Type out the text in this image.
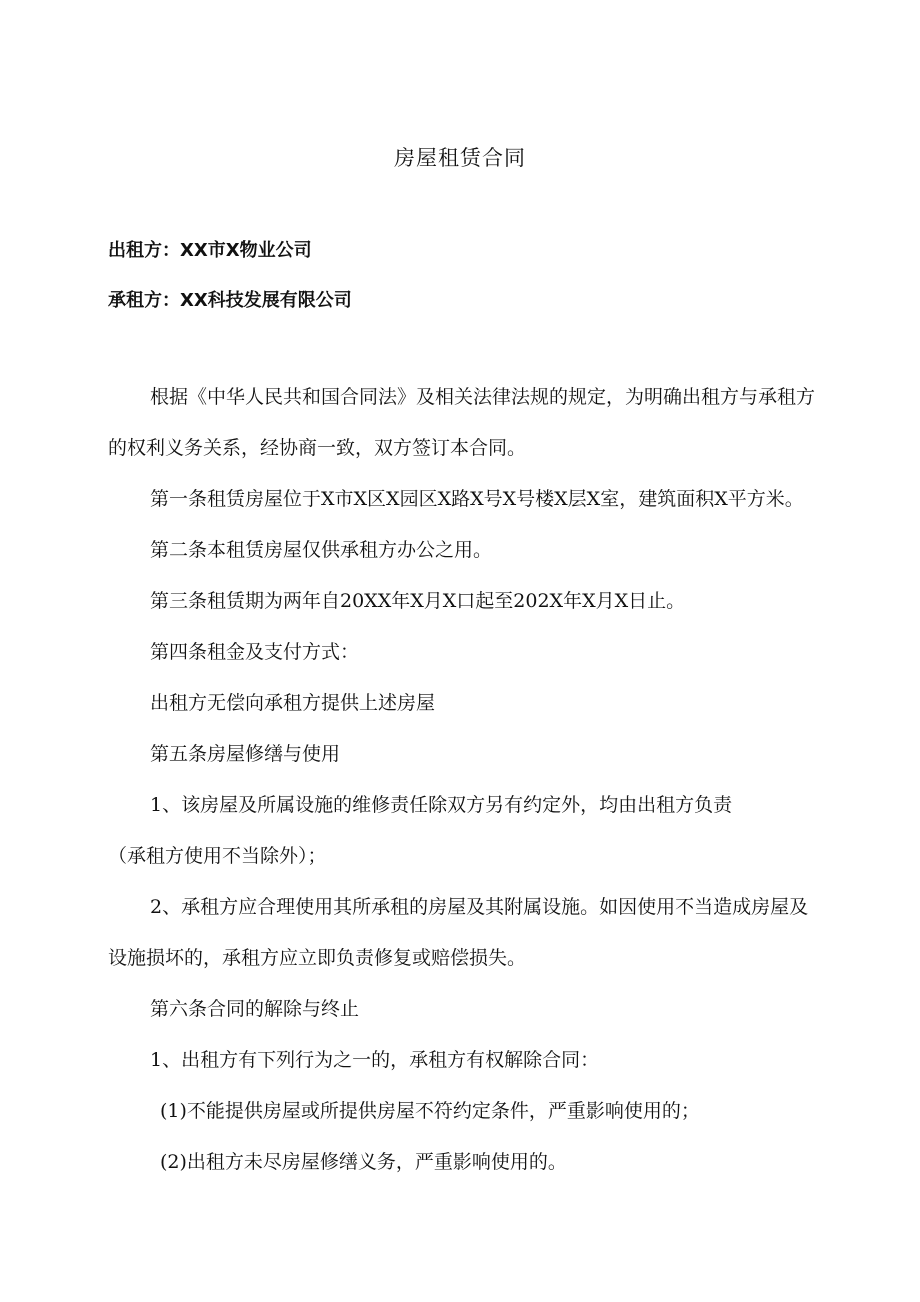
房屋租赁合同
出租方：XX市X物业公司
承租方：XX科技发展有限公司

根据《中华人民共和国合同法》及相关法律法规的规定，为明确出租方与承租方的权利义务关系，经协商一致，双方签订本合同。

第一条租赁房屋位于X市X区X园区X路X号X号楼X层X室，建筑面积X平方米。

第二条本租赁房屋仅供承租方办公之用。

第三条租赁期为两年自20XX年X月X口起至202X年X月X日止。

第四条租金及支付方式：

出租方无偿向承租方提供上述房屋

第五条房屋修缮与使用

1、该房屋及所属设施的维修责任除双方另有约定外，均由出租方负责

（承租方使用不当除外）；

2、承租方应合理使用其所承租的房屋及其附属设施。如因使用不当造成房屋及设施损坏的，承租方应立即负责修复或赔偿损失。

第六条合同的解除与终止

1、出租方有下列行为之一的，承租方有权解除合同：

(1)不能提供房屋或所提供房屋不符约定条件，严重影响使用的；

(2)出租方未尽房屋修缮义务，严重影响使用的。
